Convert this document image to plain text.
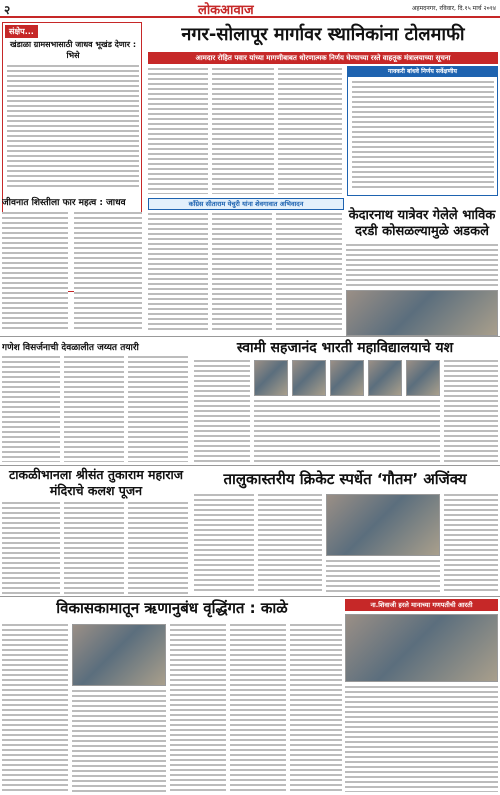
२	लोकआवाज	अहमदनगर, रविवार, दि.१५ मार्च २०१४
संक्षेप...
खंडाळा ग्रामसभासाठी जाधव भूखंड देणार : भिसे
जीवनात शिस्तीला फार महत्व : जाधव
नगर-सोलापूर मार्गावर स्थानिकांना टोलमाफी
आमदार रोहित पवार यांच्या मागणीबाबत धोरणात्मक निर्णय घेण्याच्या रस्ते वाहतूक मंत्रालयाच्या सूचना
गावकरी बांधवे निर्णय सर्वेक्षणीय
काँग्रेस सीताराम येचुरी यांना शेवगावात अभिवादन
केदारनाथ यात्रेवर गेलेले भाविक दरडी कोसळल्यामुळे अडकले
गणेश विसर्जनाची देवळालीत जय्यत तयारी	स्वामी सहजानंद भारती महाविद्यालयाचे यश
टाकळीभानला श्रीसंत तुकाराम महाराज मंदिराचे कलश पूजन
तालुकास्तरीय क्रिकेट स्पर्धेत ‘गौतम’ अजिंक्य
विकासकामातून ऋणानुबंध वृद्धिंगत : काळे	ना.शिवाजी हरले मानाच्या गणपतीची आरती
